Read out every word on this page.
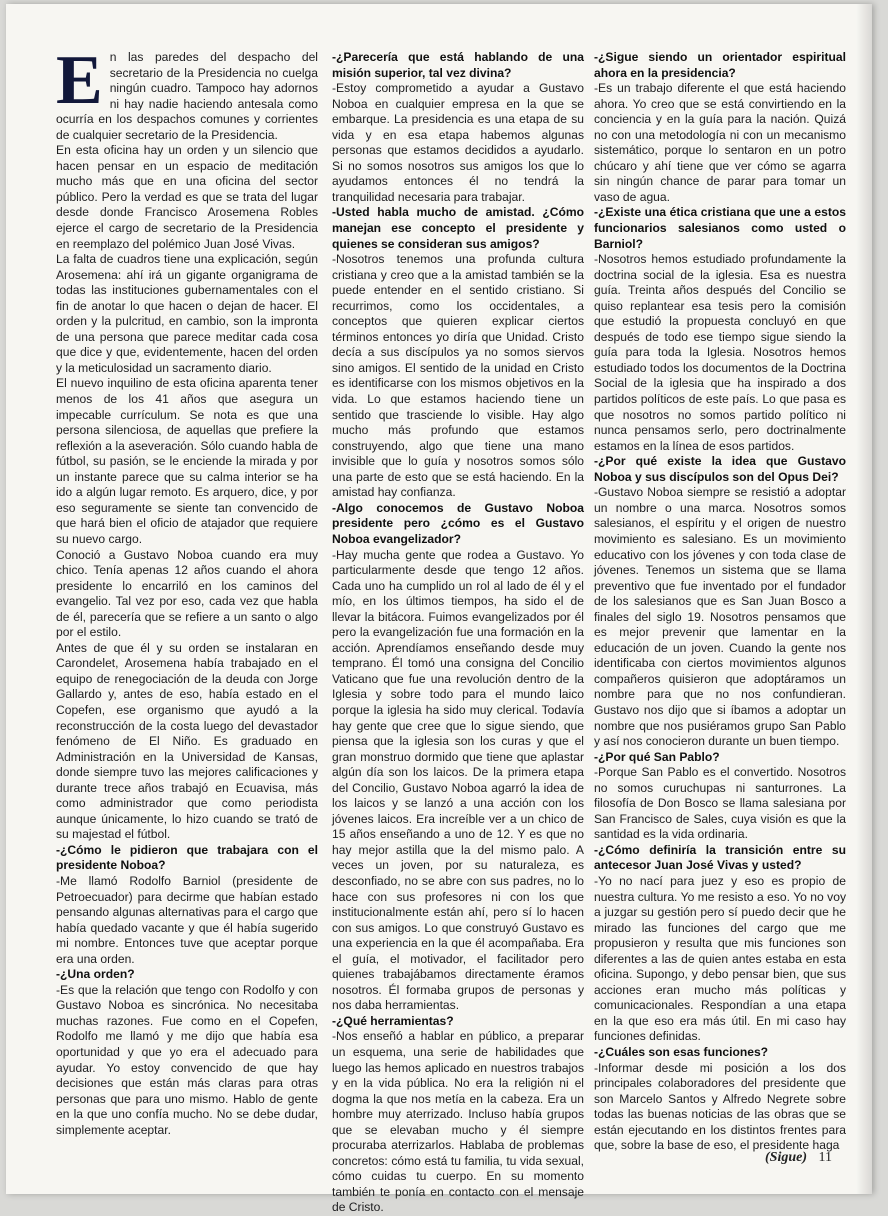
E n las paredes del despacho del secretario de la Presidencia no cuelga ningún cuadro. Tampoco hay adornos ni hay nadie haciendo antesala como ocurría en los despachos comunes y corrientes de cualquier secretario de la Presidencia.

En esta oficina hay un orden y un silencio que hacen pensar en un espacio de meditación mucho más que en una oficina del sector público. Pero la verdad es que se trata del lugar desde donde Francisco Arosemena Robles ejerce el cargo de secretario de la Presidencia en reemplazo del polémico Juan José Vivas.

La falta de cuadros tiene una explicación, según Arosemena: ahí irá un gigante organigrama de todas las instituciones gubernamentales con el fin de anotar lo que hacen o dejan de hacer. El orden y la pulcritud, en cambio, son la impronta de una persona que parece meditar cada cosa que dice y que, evidentemente, hacen del orden y la meticulosidad un sacramento diario.

El nuevo inquilino de esta oficina aparenta tener menos de los 41 años que asegura un impecable currículum. Se nota es que una persona silenciosa, de aquellas que prefiere la reflexión a la aseveración. Sólo cuando habla de fútbol, su pasión, se le enciende la mirada y por un instante parece que su calma interior se ha ido a algún lugar remoto. Es arquero, dice, y por eso seguramente se siente tan convencido de que hará bien el oficio de atajador que requiere su nuevo cargo.

Conoció a Gustavo Noboa cuando era muy chico. Tenía apenas 12 años cuando el ahora presidente lo encarriló en los caminos del evangelio. Tal vez por eso, cada vez que habla de él, parecería que se refiere a un santo o algo por el estilo.

Antes de que él y su orden se instalaran en Carondelet, Arosemena había trabajado en el equipo de renegociación de la deuda con Jorge Gallardo y, antes de eso, había estado en el Copefen, ese organismo que ayudó a la reconstrucción de la costa luego del devastador fenómeno de El Niño. Es graduado en Administración en la Universidad de Kansas, donde siempre tuvo las mejores calificaciones y durante trece años trabajó en Ecuavisa, más como administrador que como periodista aunque únicamente, lo hizo cuando se trató de su majestad el fútbol.

-¿Cómo le pidieron que trabajara con el presidente Noboa?

-Me llamó Rodolfo Barniol (presidente de Petroecuador) para decirme que habían estado pensando algunas alternativas para el cargo que había quedado vacante y que él había sugerido mi nombre. Entonces tuve que aceptar porque era una orden.

-¿Una orden?

-Es que la relación que tengo con Rodolfo y con Gustavo Noboa es sincrónica. No necesitaba muchas razones. Fue como en el Copefen, Rodolfo me llamó y me dijo que había esa oportunidad y que yo era el adecuado para ayudar. Yo estoy convencido de que hay decisiones que están más claras para otras personas que para uno mismo. Hablo de gente en la que uno confía mucho. No se debe dudar, simplemente aceptar.

-¿Parecería que está hablando de una misión superior, tal vez divina?

-Estoy comprometido a ayudar a Gustavo Noboa en cualquier empresa en la que se embarque. La presidencia es una etapa de su vida y en esa etapa habemos algunas personas que estamos decididos a ayudarlo. Si no somos nosotros sus amigos los que lo ayudamos entonces él no tendrá la tranquilidad necesaria para trabajar.

-Usted habla mucho de amistad. ¿Cómo manejan ese concepto el presidente y quienes se consideran sus amigos?

-Nosotros tenemos una profunda cultura cristiana y creo que a la amistad también se la puede entender en el sentido cristiano. Si recurrimos, como los occidentales, a conceptos que quieren explicar ciertos términos entonces yo diría que Unidad. Cristo decía a sus discípulos ya no somos siervos sino amigos. El sentido de la unidad en Cristo es identificarse con los mismos objetivos en la vida. Lo que estamos haciendo tiene un sentido que trasciende lo visible. Hay algo mucho más profundo que estamos construyendo, algo que tiene una mano invisible que lo guía y nosotros somos sólo una parte de esto que se está haciendo. En la amistad hay confianza.

-Algo conocemos de Gustavo Noboa presidente pero ¿cómo es el Gustavo Noboa evangelizador?

-Hay mucha gente que rodea a Gustavo. Yo particularmente desde que tengo 12 años. Cada uno ha cumplido un rol al lado de él y el mío, en los últimos tiempos, ha sido el de llevar la bitácora. Fuimos evangelizados por él pero la evangelización fue una formación en la acción. Aprendíamos enseñando desde muy temprano. Él tomó una consigna del Concilio Vaticano que fue una revolución dentro de la Iglesia y sobre todo para el mundo laico porque la iglesia ha sido muy clerical. Todavía hay gente que cree que lo sigue siendo, que piensa que la iglesia son los curas y que el gran monstruo dormido que tiene que aplastar algún día son los laicos. De la primera etapa del Concilio, Gustavo Noboa agarró la idea de los laicos y se lanzó a una acción con los jóvenes laicos. Era increíble ver a un chico de 15 años enseñando a uno de 12. Y es que no hay mejor astilla que la del mismo palo. A veces un joven, por su naturaleza, es desconfiado, no se abre con sus padres, no lo hace con sus profesores ni con los que institucionalmente están ahí, pero sí lo hacen con sus amigos. Lo que construyó Gustavo es una experiencia en la que él acompañaba. Era el guía, el motivador, el facilitador pero quienes trabajábamos directamente éramos nosotros. Él formaba grupos de personas y nos daba herramientas.

-¿Qué herramientas?

-Nos enseñó a hablar en público, a preparar un esquema, una serie de habilidades que luego las hemos aplicado en nuestros trabajos y en la vida pública. No era la religión ni el dogma la que nos metía en la cabeza. Era un hombre muy aterrizado. Incluso había grupos que se elevaban mucho y él siempre procuraba aterrizarlos. Hablaba de problemas concretos: cómo está tu familia, tu vida sexual, cómo cuidas tu cuerpo. En su momento también te ponía en contacto con el mensaje de Cristo.

-¿Sigue siendo un orientador espiritual ahora en la presidencia?

-Es un trabajo diferente el que está haciendo ahora. Yo creo que se está convirtiendo en la conciencia y en la guía para la nación. Quizá no con una metodología ni con un mecanismo sistemático, porque lo sentaron en un potro chúcaro y ahí tiene que ver cómo se agarra sin ningún chance de parar para tomar un vaso de agua.

-¿Existe una ética cristiana que une a estos funcionarios salesianos como usted o Barniol?

-Nosotros hemos estudiado profundamente la doctrina social de la iglesia. Esa es nuestra guía. Treinta años después del Concilio se quiso replantear esa tesis pero la comisión que estudió la propuesta concluyó en que después de todo ese tiempo sigue siendo la guía para toda la Iglesia. Nosotros hemos estudiado todos los documentos de la Doctrina Social de la iglesia que ha inspirado a dos partidos políticos de este país. Lo que pasa es que nosotros no somos partido político ni nunca pensamos serlo, pero doctrinalmente estamos en la línea de esos partidos.

-¿Por qué existe la idea que Gustavo Noboa y sus discípulos son del Opus Dei?

-Gustavo Noboa siempre se resistió a adoptar un nombre o una marca. Nosotros somos salesianos, el espíritu y el origen de nuestro movimiento es salesiano. Es un movimiento educativo con los jóvenes y con toda clase de jóvenes. Tenemos un sistema que se llama preventivo que fue inventado por el fundador de los salesianos que es San Juan Bosco a finales del siglo 19. Nosotros pensamos que es mejor prevenir que lamentar en la educación de un joven. Cuando la gente nos identificaba con ciertos movimientos algunos compañeros quisieron que adoptáramos un nombre para que no nos confundieran. Gustavo nos dijo que si íbamos a adoptar un nombre que nos pusiéramos grupo San Pablo y así nos conocieron durante un buen tiempo.

-¿Por qué San Pablo?

-Porque San Pablo es el convertido. Nosotros no somos curuchupas ni santurrones. La filosofía de Don Bosco se llama salesiana por San Francisco de Sales, cuya visión es que la santidad es la vida ordinaria.

-¿Cómo definiría la transición entre su antecesor Juan José Vivas y usted?

-Yo no nací para juez y eso es propio de nuestra cultura. Yo me resisto a eso. Yo no voy a juzgar su gestión pero sí puedo decir que he mirado las funciones del cargo que me propusieron y resulta que mis funciones son diferentes a las de quien antes estaba en esta oficina. Supongo, y debo pensar bien, que sus acciones eran mucho más políticas y comunicacionales. Respondían a una etapa en la que eso era más útil. En mi caso hay funciones definidas.

-¿Cuáles son esas funciones?

-Informar desde mi posición a los dos principales colaboradores del presidente que son Marcelo Santos y Alfredo Negrete sobre todas las buenas noticias de las obras que se están ejecutando en los distintos frentes para que, sobre la base de eso, el presidente haga

(Sigue) 11
